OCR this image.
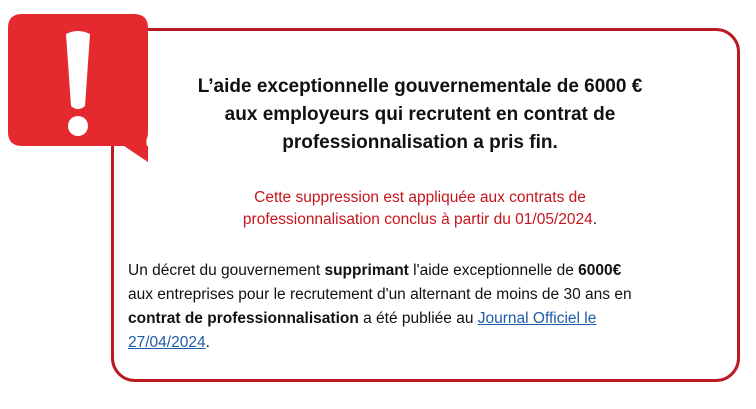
L’aide exceptionnelle gouvernementale de 6000 €
aux employeurs qui recrutent en contrat de
professionnalisation a pris fin.
Cette suppression est appliquée aux contrats de
professionnalisation conclus à partir du 01/05/2024.
Un décret du gouvernement supprimant l'aide exceptionnelle de 6000€
aux entreprises pour le recrutement d'un alternant de moins de 30 ans en
contrat de professionnalisation a été publiée au Journal Officiel le
27/04/2024.
